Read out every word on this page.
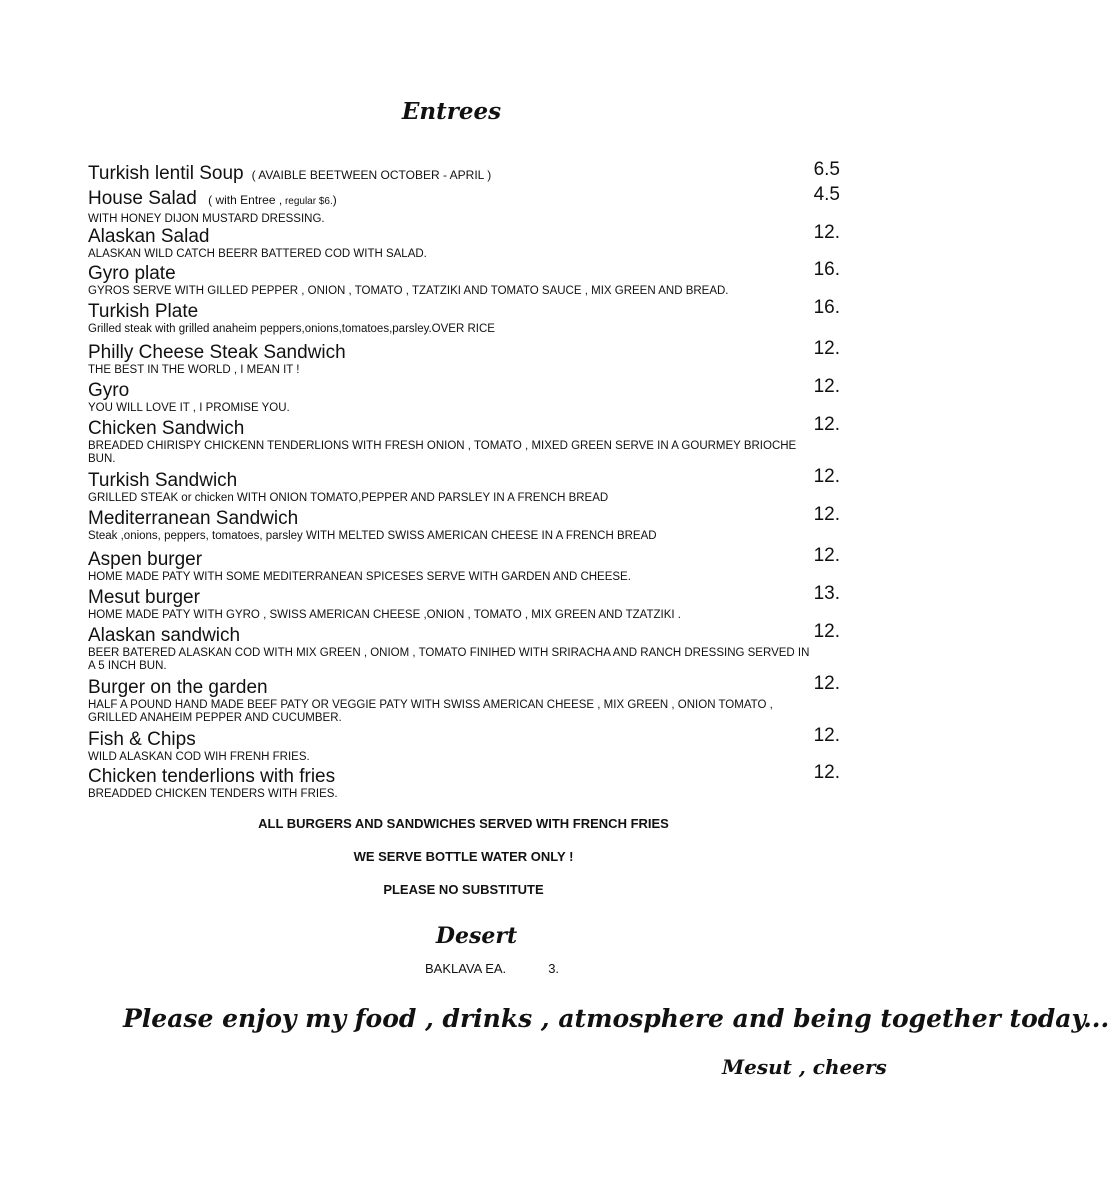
Entrees
Turkish lentil Soup ( AVAIBLE BEETWEEN OCTOBER - APRIL )	6.5
House Salad ( with Entree , regular $6.)
WITH HONEY DIJON MUSTARD DRESSING.
4.5
Alaskan Salad
ALASKAN WILD CATCH BEERR BATTERED COD WITH SALAD.
12.
Gyro plate
GYROS SERVE WITH GILLED PEPPER , ONION , TOMATO , TZATZIKI AND TOMATO SAUCE , MIX GREEN AND BREAD.
16.
Turkish Plate
Grilled steak with grilled anaheim peppers,onions,tomatoes,parsley.OVER RICE
16.
Philly Cheese Steak Sandwich
THE BEST IN THE WORLD , I MEAN IT !
12.
Gyro
YOU WILL LOVE IT , I PROMISE YOU.
12.
Chicken Sandwich
BREADED CHIRISPY CHICKENN TENDERLIONS WITH FRESH ONION , TOMATO , MIXED GREEN SERVE IN A GOURMEY BRIOCHE BUN.
12.
Turkish Sandwich
GRILLED STEAK or chicken WITH ONION TOMATO,PEPPER AND PARSLEY IN A FRENCH BREAD
12.
Mediterranean Sandwich
Steak ,onions, peppers, tomatoes, parsley WITH MELTED SWISS AMERICAN CHEESE IN A FRENCH BREAD
12.
Aspen burger
HOME MADE PATY WITH SOME MEDITERRANEAN SPICESES SERVE WITH GARDEN AND CHEESE.
12.
Mesut burger
HOME MADE PATY WITH GYRO , SWISS AMERICAN CHEESE ,ONION , TOMATO , MIX GREEN AND TZATZIKI .
13.
Alaskan sandwich
BEER BATERED ALASKAN COD WITH MIX GREEN , ONIOM , TOMATO FINIHED WITH SRIRACHA AND RANCH DRESSING SERVED IN A 5 INCH BUN.
12.
Burger on the garden
HALF A POUND HAND MADE BEEF PATY OR VEGGIE PATY WITH SWISS AMERICAN CHEESE , MIX GREEN , ONION TOMATO , GRILLED ANAHEIM PEPPER AND CUCUMBER.
12.
Fish & Chips
WILD ALASKAN COD WIH FRENH FRIES.
12.
Chicken tenderlions with fries
BREADDED CHICKEN TENDERS WITH FRIES.
12.
ALL BURGERS AND SANDWICHES SERVED WITH FRENCH FRIES
WE SERVE BOTTLE WATER ONLY !
PLEASE NO SUBSTITUTE
Desert
BAKLAVA EA.	3.
Please enjoy my food , drinks , atmosphere and being together today...
Mesut , cheers
